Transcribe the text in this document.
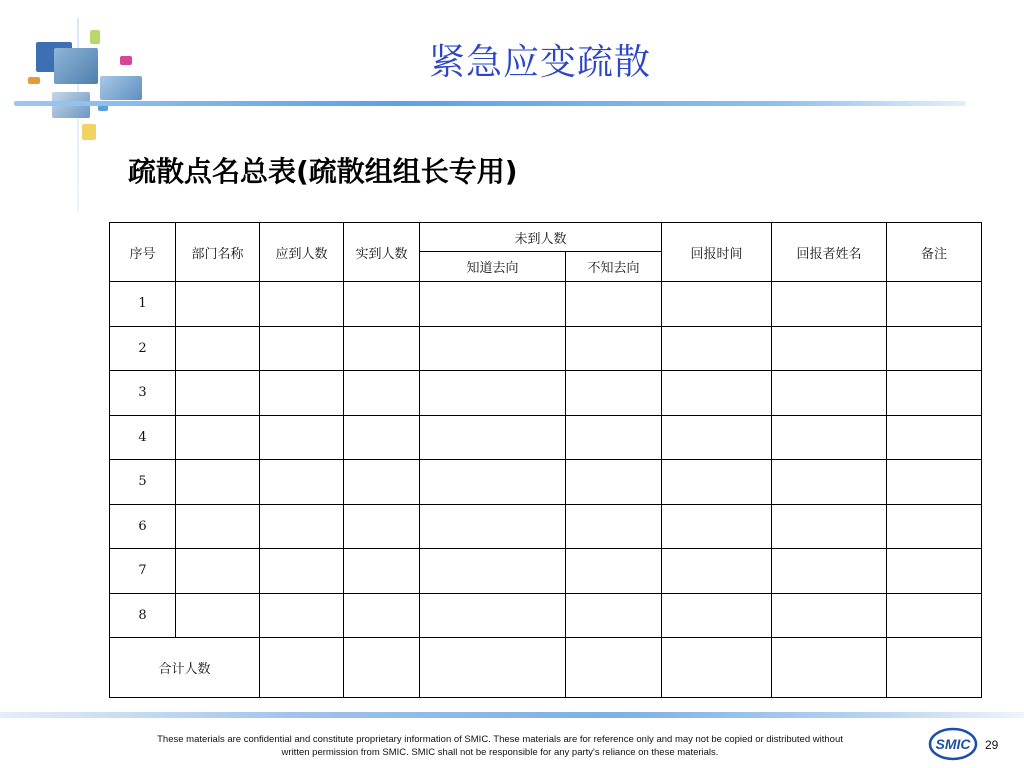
紧急应变疏散
疏散点名总表(疏散组组长专用)
序号	部门名称	应到人数	实到人数	未到人数		回报时间	回报者姓名	备注
				知道去向	不知去向			
1								
2								
3								
4								
5								
6								
7								
8								
合计人数								
These materials are confidential and constitute proprietary information of SMIC. These materials are for reference only and may not be copied or distributed without
written permission from SMIC. SMIC shall not be responsible for any party's reliance on these materials.
SMIC 29
